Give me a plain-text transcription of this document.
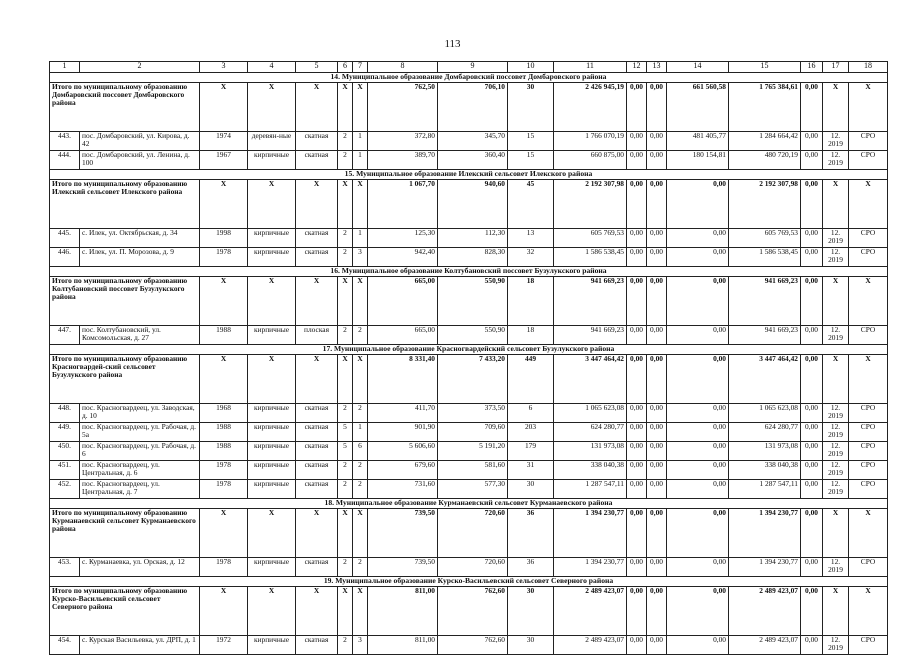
113
1	2	3	4	5	6	7	8	9	10	11	12	13	14	15	16	17	18
14. Муниципальное образование Домбаровский поссовет Домбаровского района																	
Итого по муниципальному образованию Домбаровский поссовет Домбаровского района		X	X	X	X	X	762,50	706,10	30	2 426 945,19	0,00	0,00	661 560,58	1 765 384,61	0,00	X	X
443.	пос. Домбаровский, ул. Кирова, д. 42	1974	деревян-ные	скатная	2	1	372,80	345,70	15	1 766 070,19	0,00	0,00	481 405,77	1 284 664,42	0,00	12. 2019	СРО
444.	пос. Домбаровский, ул. Ленина, д. 100	1967	кирпичные	скатная	2	1	389,70	360,40	15	660 875,00	0,00	0,00	180 154,81	480 720,19	0,00	12. 2019	СРО
15. Муниципальное образование Илекский сельсовет Илекского района																	
Итого по муниципальному образованию Илекский сельсовет Илекского района		X	X	X	X	X	1 067,70	940,60	45	2 192 307,98	0,00	0,00	0,00	2 192 307,98	0,00	X	X
445.	с. Илек, ул. Октябрьская, д. 34	1998	кирпичные	скатная	2	1	125,30	112,30	13	605 769,53	0,00	0,00	0,00	605 769,53	0,00	12. 2019	СРО
446.	с. Илек, ул. П. Морозова, д. 9	1978	кирпичные	скатная	2	3	942,40	828,30	32	1 586 538,45	0,00	0,00	0,00	1 586 538,45	0,00	12. 2019	СРО
16. Муниципальное образование Колтубановский поссовет Бузулукского района																	
Итого по муниципальному образованию Колтубановский поссовет Бузулукского района		X	X	X	X	X	665,00	550,90	18	941 669,23	0,00	0,00	0,00	941 669,23	0,00	X	X
447.	пос. Колтубановский, ул. Комсомольская, д. 27	1988	кирпичные	плоская	2	2	665,00	550,90	18	941 669,23	0,00	0,00	0,00	941 669,23	0,00	12. 2019	СРО
17. Муниципальное образование Красногвардейский сельсовет Бузулукского района																	
Итого по муниципальному образованию Красногвардей-ский сельсовет Бузулукского района		X	X	X	X	X	8 331,40	7 433,20	449	3 447 464,42	0,00	0,00	0,00	3 447 464,42	0,00	X	X
448.	пос. Красногвардеец, ул. Заводская, д. 10	1968	кирпичные	скатная	2	2	411,70	373,50	6	1 065 623,08	0,00	0,00	0,00	1 065 623,08	0,00	12. 2019	СРО
449.	пос. Красногвардеец, ул. Рабочая, д. 5а	1988	кирпичные	скатная	5	1	901,90	709,60	203	624 280,77	0,00	0,00	0,00	624 280,77	0,00	12. 2019	СРО
450.	пос. Красногвардеец, ул. Рабочая, д. 6	1988	кирпичные	скатная	5	6	5 606,60	5 191,20	179	131 973,08	0,00	0,00	0,00	131 973,08	0,00	12. 2019	СРО
451.	пос. Красногвардеец, ул. Центральная, д. 6	1978	кирпичные	скатная	2	2	679,60	581,60	31	338 040,38	0,00	0,00	0,00	338 040,38	0,00	12. 2019	СРО
452.	пос. Красногвардеец, ул. Центральная, д. 7	1978	кирпичные	скатная	2	2	731,60	577,30	30	1 287 547,11	0,00	0,00	0,00	1 287 547,11	0,00	12. 2019	СРО
18. Муниципальное образование Курманаевский сельсовет Курманаевского района																	
Итого по муниципальному образованию Курманаевский сельсовет Курманаевского района		X	X	X	X	X	739,50	720,60	36	1 394 230,77	0,00	0,00	0,00	1 394 230,77	0,00	X	X
453.	с. Курманаевка, ул. Орская, д. 12	1978	кирпичные	скатная	2	2	739,50	720,60	36	1 394 230,77	0,00	0,00	0,00	1 394 230,77	0,00	12. 2019	СРО
19. Муниципальное образование Курско-Васильевский сельсовет Северного района																	
Итого по муниципальному образованию Курско-Васильевский сельсовет Северного района		X	X	X	X	X	811,00	762,60	30	2 489 423,07	0,00	0,00	0,00	2 489 423,07	0,00	X	X
454.	с. Курская Васильевка, ул. ДРП, д. 1	1972	кирпичные	скатная	2	3	811,00	762,60	30	2 489 423,07	0,00	0,00	0,00	2 489 423,07	0,00	12. 2019	СРО
